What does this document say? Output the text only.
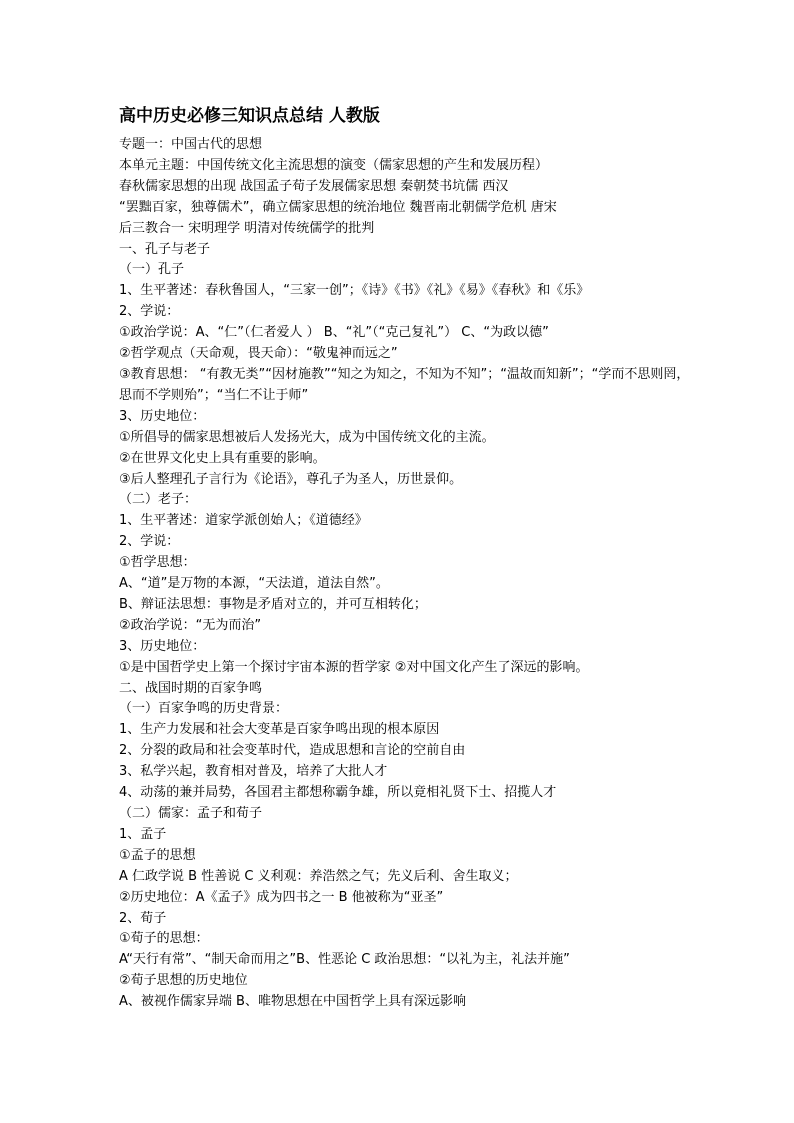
高中历史必修三知识点总结 人教版
专题一：中国古代的思想
本单元主题：中国传统文化主流思想的演变（儒家思想的产生和发展历程）
春秋儒家思想的出现 战国孟子荀子发展儒家思想 秦朝焚书坑儒 西汉
“罢黜百家，独尊儒术”，确立儒家思想的统治地位 魏晋南北朝儒学危机 唐宋
后三教合一 宋明理学 明清对传统儒学的批判
一、孔子与老子
（一）孔子
1、生平著述：春秋鲁国人，“三家一创”；《诗》《书》《礼》《易》《春秋》和《乐》
2、学说：
①政治学说：A、“仁”（仁者爱人 ） B、“礼”（“克己复礼”） C、“为政以德”
②哲学观点（天命观，畏天命）：“敬鬼神而远之”
③教育思想： “有教无类”“因材施教”“知之为知之，不知为不知”；“温故而知新”；“学而不思则罔，思而不学则殆”；“当仁不让于师”
3、历史地位：
①所倡导的儒家思想被后人发扬光大，成为中国传统文化的主流。
②在世界文化史上具有重要的影响。
③后人整理孔子言行为《论语》，尊孔子为圣人，历世景仰。
（二）老子：
1、生平著述：道家学派创始人；《道德经》
2、学说：
①哲学思想：
A、“道”是万物的本源，“天法道，道法自然”。
B、辩证法思想：事物是矛盾对立的，并可互相转化；
②政治学说：“无为而治”
3、历史地位：
①是中国哲学史上第一个探讨宇宙本源的哲学家 ②对中国文化产生了深远的影响。
二、战国时期的百家争鸣
（一）百家争鸣的历史背景：
1、生产力发展和社会大变革是百家争鸣出现的根本原因
2、分裂的政局和社会变革时代，造成思想和言论的空前自由
3、私学兴起，教育相对普及，培养了大批人才
4、动荡的兼并局势，各国君主都想称霸争雄，所以竟相礼贤下士、招揽人才
（二）儒家：孟子和荀子
1、孟子
①孟子的思想
A 仁政学说 B 性善说 C 义利观：养浩然之气；先义后利、舍生取义；
②历史地位：A《孟子》成为四书之一 B 他被称为“亚圣”
2、荀子
①荀子的思想：
A“天行有常”、“制天命而用之”B、性恶论 C 政治思想：“以礼为主，礼法并施”
②荀子思想的历史地位
A、被视作儒家异端 B、唯物思想在中国哲学上具有深远影响
